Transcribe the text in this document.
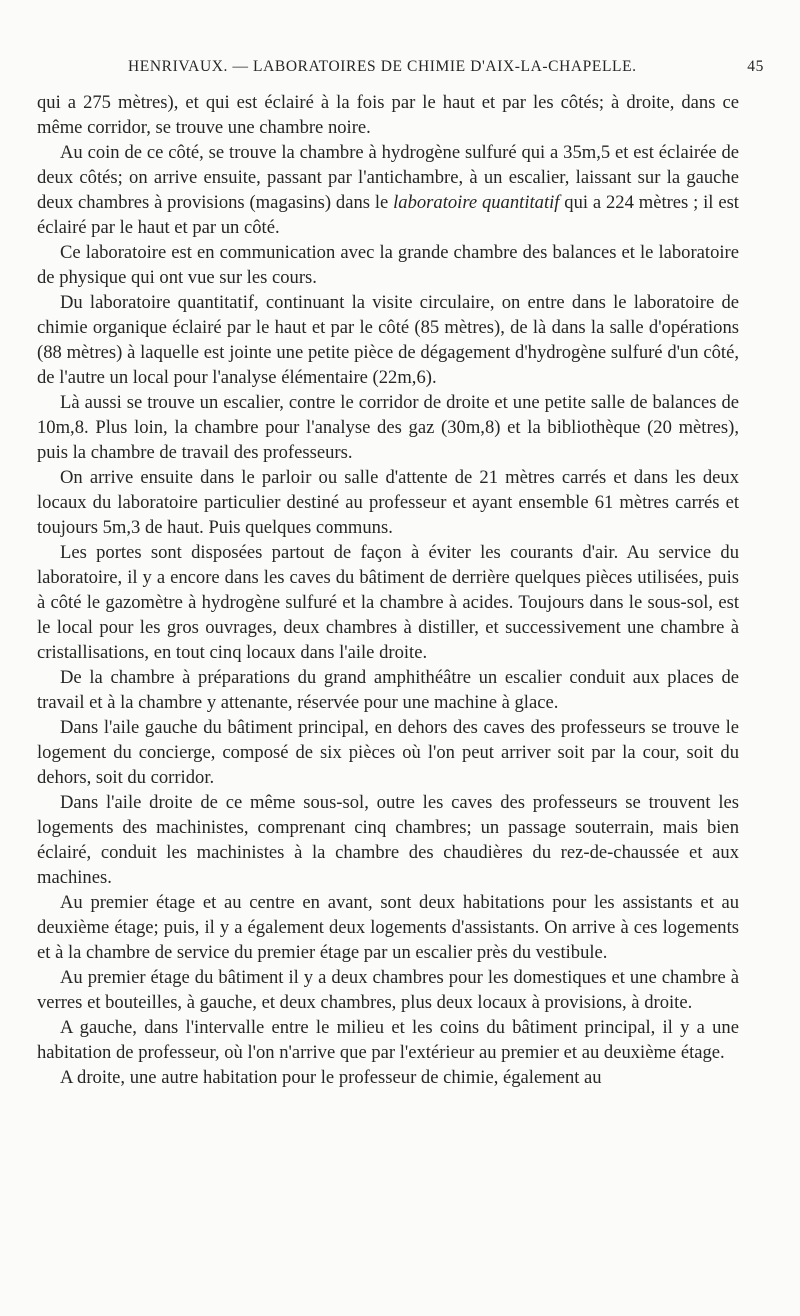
HENRIVAUX. — LABORATOIRES DE CHIMIE D'AIX-LA-CHAPELLE.	45

qui a 275 mètres), et qui est éclairé à la fois par le haut et par les côtés; à droite, dans ce même corridor, se trouve une chambre noire.

Au coin de ce côté, se trouve la chambre à hydrogène sulfuré qui a 35m,5 et est éclairée de deux côtés; on arrive ensuite, passant par l'antichambre, à un escalier, laissant sur la gauche deux chambres à provisions (magasins) dans le laboratoire quantitatif qui a 224 mètres ; il est éclairé par le haut et par un côté.

Ce laboratoire est en communication avec la grande chambre des balances et le laboratoire de physique qui ont vue sur les cours.

Du laboratoire quantitatif, continuant la visite circulaire, on entre dans le laboratoire de chimie organique éclairé par le haut et par le côté (85 mètres), de là dans la salle d'opérations (88 mètres) à laquelle est jointe une petite pièce de dégagement d'hydrogène sulfuré d'un côté, de l'autre un local pour l'analyse élémentaire (22m,6).

Là aussi se trouve un escalier, contre le corridor de droite et une petite salle de balances de 10m,8. Plus loin, la chambre pour l'analyse des gaz (30m,8) et la bibliothèque (20 mètres), puis la chambre de travail des professeurs.

On arrive ensuite dans le parloir ou salle d'attente de 21 mètres carrés et dans les deux locaux du laboratoire particulier destiné au professeur et ayant ensemble 61 mètres carrés et toujours 5m,3 de haut. Puis quelques communs.

Les portes sont disposées partout de façon à éviter les courants d'air. Au service du laboratoire, il y a encore dans les caves du bâtiment de derrière quelques pièces utilisées, puis à côté le gazomètre à hydrogène sulfuré et la chambre à acides. Toujours dans le sous-sol, est le local pour les gros ouvrages, deux chambres à distiller, et successivement une chambre à cristallisations, en tout cinq locaux dans l'aile droite.

De la chambre à préparations du grand amphithéâtre un escalier conduit aux places de travail et à la chambre y attenante, réservée pour une machine à glace.

Dans l'aile gauche du bâtiment principal, en dehors des caves des professeurs se trouve le logement du concierge, composé de six pièces où l'on peut arriver soit par la cour, soit du dehors, soit du corridor.

Dans l'aile droite de ce même sous-sol, outre les caves des professeurs se trouvent les logements des machinistes, comprenant cinq chambres; un passage souterrain, mais bien éclairé, conduit les machinistes à la chambre des chaudières du rez-de-chaussée et aux machines.

Au premier étage et au centre en avant, sont deux habitations pour les assistants et au deuxième étage; puis, il y a également deux logements d'assistants. On arrive à ces logements et à la chambre de service du premier étage par un escalier près du vestibule.

Au premier étage du bâtiment il y a deux chambres pour les domestiques et une chambre à verres et bouteilles, à gauche, et deux chambres, plus deux locaux à provisions, à droite.

A gauche, dans l'intervalle entre le milieu et les coins du bâtiment principal, il y a une habitation de professeur, où l'on n'arrive que par l'extérieur au premier et au deuxième étage.

A droite, une autre habitation pour le professeur de chimie, également au
